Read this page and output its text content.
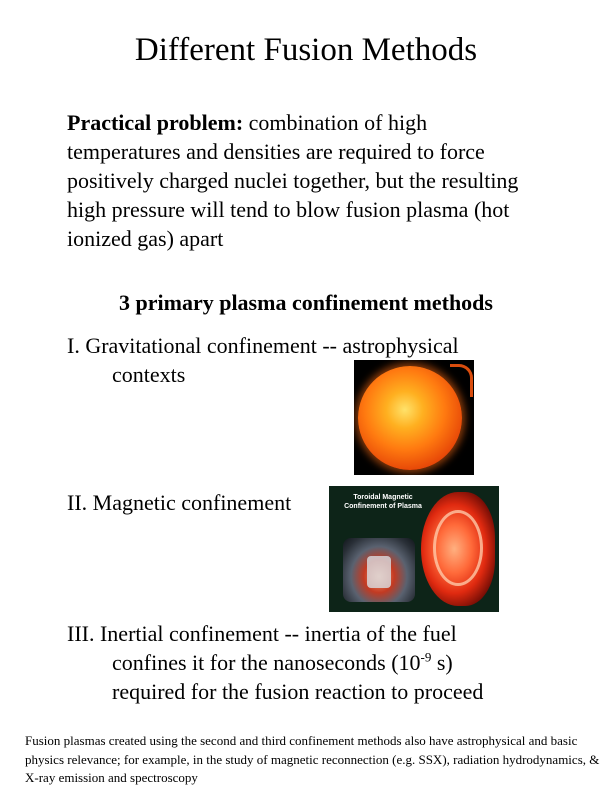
Different Fusion Methods
Practical problem: combination of high temperatures and densities are required to force positively charged nuclei together, but the resulting high pressure will tend to blow fusion plasma (hot ionized gas) apart
3 primary plasma confinement methods
I. Gravitational confinement -- astrophysical
contexts
II. Magnetic confinement	Toroidal Magnetic Confinement of Plasma
III. Inertial confinement -- inertia of the fuel
confines it for the nanoseconds ($10^{-9}$ s)
required for the fusion reaction to proceed
Fusion plasmas created using the second and third confinement methods also have astrophysical and basic physics relevance; for example, in the study of magnetic reconnection (e.g. SSX), radiation hydrodynamics, & X-ray emission and spectroscopy
